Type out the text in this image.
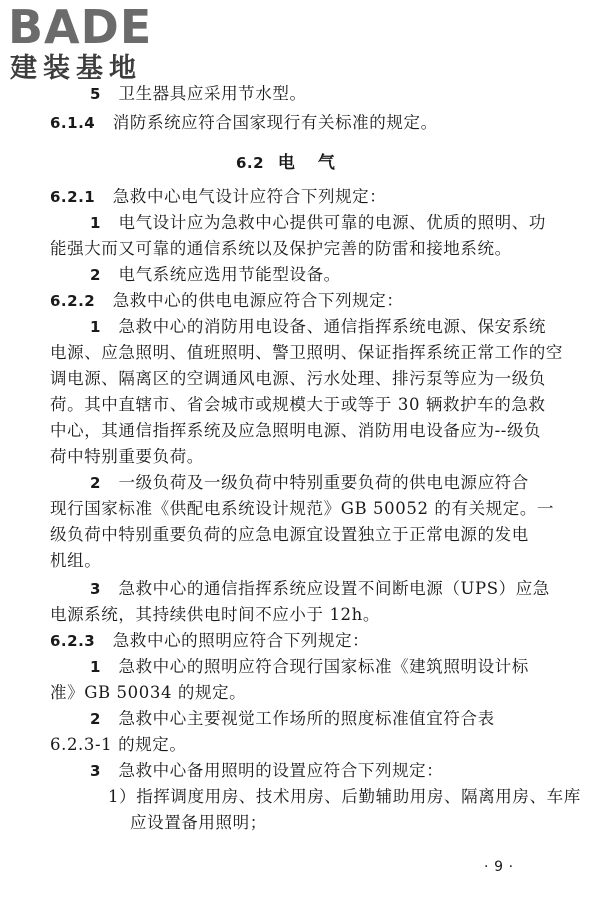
BADE
建装基地
5 卫生器具应采用节水型。
6.1.4 消防系统应符合国家现行有关标准的规定。
6.2 电 气
6.2.1 急救中心电气设计应符合下列规定：
1 电气设计应为急救中心提供可靠的电源、优质的照明、功
能强大而又可靠的通信系统以及保护完善的防雷和接地系统。
2 电气系统应选用节能型设备。
6.2.2 急救中心的供电电源应符合下列规定：
1 急救中心的消防用电设备、通信指挥系统电源、保安系统
电源、应急照明、值班照明、警卫照明、保证指挥系统正常工作的空
调电源、隔离区的空调通风电源、污水处理、排污泵等应为一级负
荷。其中直辖市、省会城市或规模大于或等于 30 辆救护车的急救
中心，其通信指挥系统及应急照明电源、消防用电设备应为--级负
荷中特别重要负荷。
2 一级负荷及一级负荷中特别重要负荷的供电电源应符合
现行国家标准《供配电系统设计规范》GB 50052 的有关规定。一
级负荷中特别重要负荷的应急电源宜设置独立于正常电源的发电
机组。
3 急救中心的通信指挥系统应设置不间断电源（UPS）应急
电源系统，其持续供电时间不应小于 12h。
6.2.3 急救中心的照明应符合下列规定：
1 急救中心的照明应符合现行国家标准《建筑照明设计标
准》GB 50034 的规定。
2 急救中心主要视觉工作场所的照度标准值宜符合表
6.2.3-1 的规定。
3 急救中心备用照明的设置应符合下列规定：
1）指挥调度用房、技术用房、后勤辅助用房、隔离用房、车库
应设置备用照明；
· 9 ·
